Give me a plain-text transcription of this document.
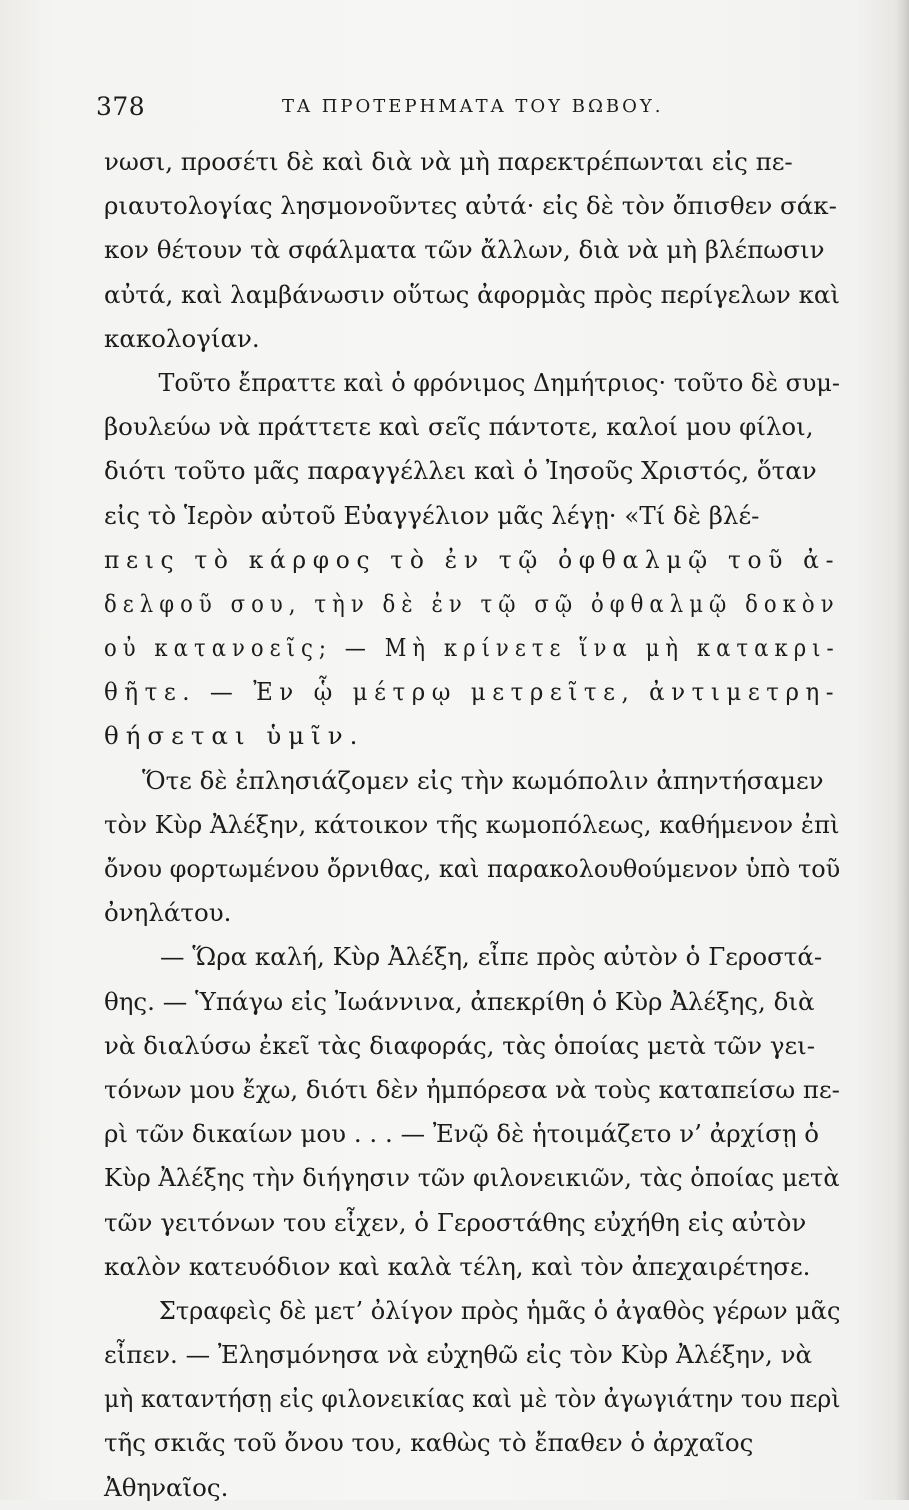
378	ΤΑ ΠΡΟΤΕΡΗΜΑΤΑ ΤΟΥ ΒΩΒΟΥ.
νωσι, προσέτι δὲ καὶ διὰ νὰ μὴ παρεκτρέπωνται εἰς πε-
ριαυτολογίας λησμονοῦντες αὐτά· εἰς δὲ τὸν ὄπισθεν σάκ-
κον θέτουν τὰ σφάλματα τῶν ἄλλων, διὰ νὰ μὴ βλέπωσιν
αὐτά, καὶ λαμβάνωσιν οὕτως ἀφορμὰς πρὸς περίγελων καὶ
κακολογίαν.
Τοῦτο ἔπραττε καὶ ὁ φρόνιμος Δημήτριος· τοῦτο δὲ συμ-
βουλεύω νὰ πράττετε καὶ σεῖς πάντοτε, καλοί μου φίλοι,
διότι τοῦτο μᾶς παραγγέλλει καὶ ὁ Ἰησοῦς Χριστός, ὅταν
εἰς τὸ Ἱερὸν αὐτοῦ Εὐαγγέλιον μᾶς λέγῃ· «Τί δὲ βλέ-
πεις τὸ κάρφος τὸ ἐν τῷ ὀφθαλμῷ τοῦ ἀ-
δελφοῦ σου, τὴν δὲ ἐν τῷ σῷ ὀφθαλμῷ δοκὸν
οὐ κατανοεῖς; — Μὴ κρίνετε ἵνα μὴ κατακρι-
θῆτε. — Ἐν ᾧ μέτρῳ μετρεῖτε, ἀντιμετρη-
θήσεται ὑμῖν.
Ὅτε δὲ ἐπλησιάζομεν εἰς τὴν κωμόπολιν ἀπηντήσαμεν
τὸν Κὺρ Ἀλέξην, κάτοικον τῆς κωμοπόλεως, καθήμενον ἐπὶ
ὄνου φορτωμένου ὄρνιθας, καὶ παρακολουθούμενον ὑπὸ τοῦ
ὀνηλάτου.
— Ὥρα καλή, Κὺρ Ἀλέξη, εἶπε πρὸς αὐτὸν ὁ Γεροστά-
θης. — Ὑπάγω εἰς Ἰωάννινα, ἀπεκρίθη ὁ Κὺρ Ἀλέξης, διὰ
νὰ διαλύσω ἐκεῖ τὰς διαφοράς, τὰς ὁποίας μετὰ τῶν γει-
τόνων μου ἔχω, διότι δὲν ἠμπόρεσα νὰ τοὺς καταπείσω πε-
ρὶ τῶν δικαίων μου . . . — Ἐνῷ δὲ ἡτοιμάζετο ν’ ἀρχίσῃ ὁ
Κὺρ Ἀλέξης τὴν διήγησιν τῶν φιλονεικιῶν, τὰς ὁποίας μετὰ
τῶν γειτόνων του εἶχεν, ὁ Γεροστάθης εὐχήθη εἰς αὐτὸν
καλὸν κατευόδιον καὶ καλὰ τέλη, καὶ τὸν ἀπεχαιρέτησε.
Στραφεὶς δὲ μετ’ ὀλίγον πρὸς ἡμᾶς ὁ ἀγαθὸς γέρων μᾶς
εἶπεν. — Ἐλησμόνησα νὰ εὐχηθῶ εἰς τὸν Κὺρ Ἀλέξην, νὰ
μὴ καταντήσῃ εἰς φιλονεικίας καὶ μὲ τὸν ἀγωγιάτην του περὶ
τῆς σκιᾶς τοῦ ὄνου του, καθὼς τὸ ἔπαθεν ὁ ἀρχαῖος
Ἀθηναῖος.
